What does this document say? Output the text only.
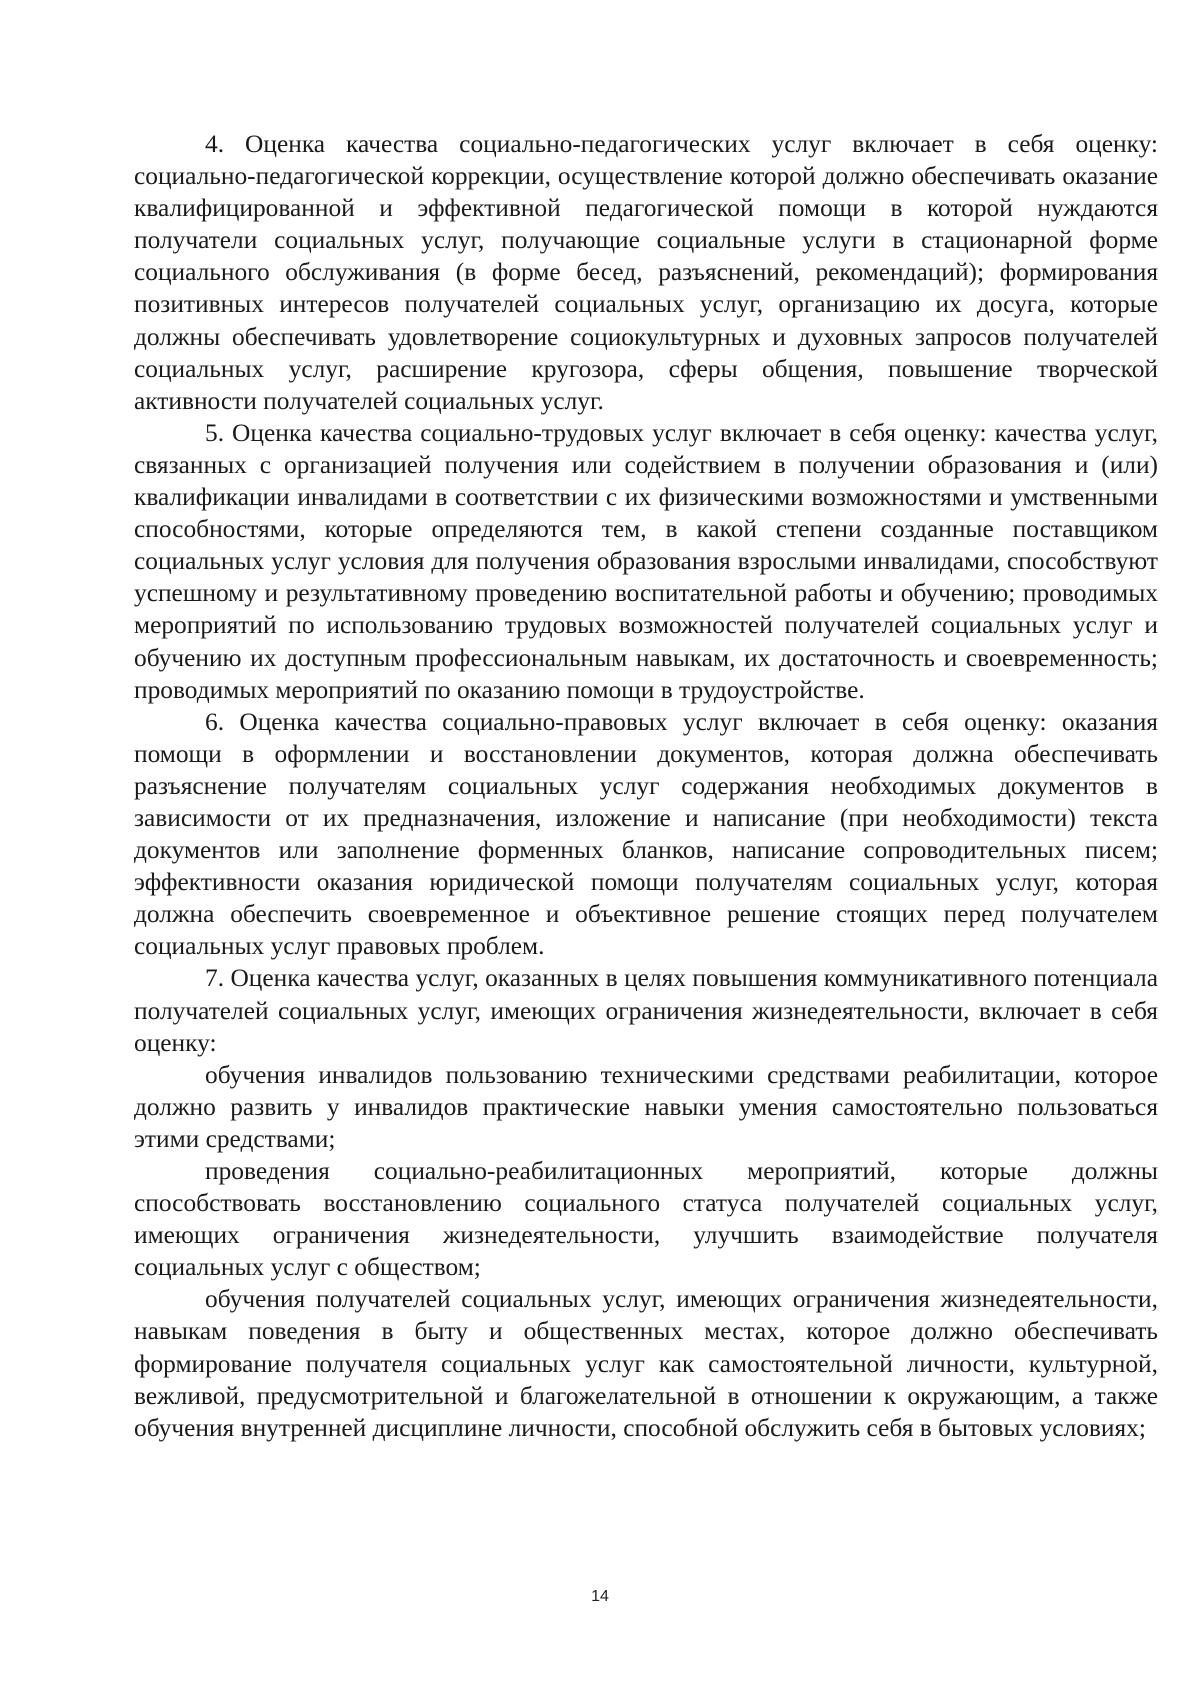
4. Оценка качества социально-педагогических услуг включает в себя оценку: социально-педагогической коррекции, осуществление которой должно обеспечивать оказание квалифицированной и эффективной педагогической помощи в которой нуждаются получатели социальных услуг, получающие социальные услуги в стационарной форме социального обслуживания (в форме бесед, разъяснений, рекомендаций); формирования позитивных интересов получателей социальных услуг, организацию их досуга, которые должны обеспечивать удовлетворение социокультурных и духовных запросов получателей социальных услуг, расширение кругозора, сферы общения, повышение творческой активности получателей социальных услуг.

5. Оценка качества социально-трудовых услуг включает в себя оценку: качества услуг, связанных с организацией получения или содействием в получении образования и (или) квалификации инвалидами в соответствии с их физическими возможностями и умственными способностями, которые определяются тем, в какой степени созданные поставщиком социальных услуг условия для получения образования взрослыми инвалидами, способствуют успешному и результативному проведению воспитательной работы и обучению; проводимых мероприятий по использованию трудовых возможностей получателей социальных услуг и обучению их доступным профессиональным навыкам, их достаточность и своевременность; проводимых мероприятий по оказанию помощи в трудоустройстве.

6. Оценка качества социально-правовых услуг включает в себя оценку: оказания помощи в оформлении и восстановлении документов, которая должна обеспечивать разъяснение получателям социальных услуг содержания необходимых документов в зависимости от их предназначения, изложение и написание (при необходимости) текста документов или заполнение форменных бланков, написание сопроводительных писем; эффективности оказания юридической помощи получателям социальных услуг, которая должна обеспечить своевременное и объективное решение стоящих перед получателем социальных услуг правовых проблем.

7. Оценка качества услуг, оказанных в целях повышения коммуникативного потенциала получателей социальных услуг, имеющих ограничения жизнедеятельности, включает в себя оценку:

обучения инвалидов пользованию техническими средствами реабилитации, которое должно развить у инвалидов практические навыки умения самостоятельно пользоваться этими средствами;

проведения социально-реабилитационных мероприятий, которые должны способствовать восстановлению социального статуса получателей социальных услуг, имеющих ограничения жизнедеятельности, улучшить взаимодействие получателя социальных услуг с обществом;

обучения получателей социальных услуг, имеющих ограничения жизнедеятельности, навыкам поведения в быту и общественных местах, которое должно обеспечивать формирование получателя социальных услуг как самостоятельной личности, культурной, вежливой, предусмотрительной и благожелательной в отношении к окружающим, а также обучения внутренней дисциплине личности, способной обслужить себя в бытовых условиях;

14
